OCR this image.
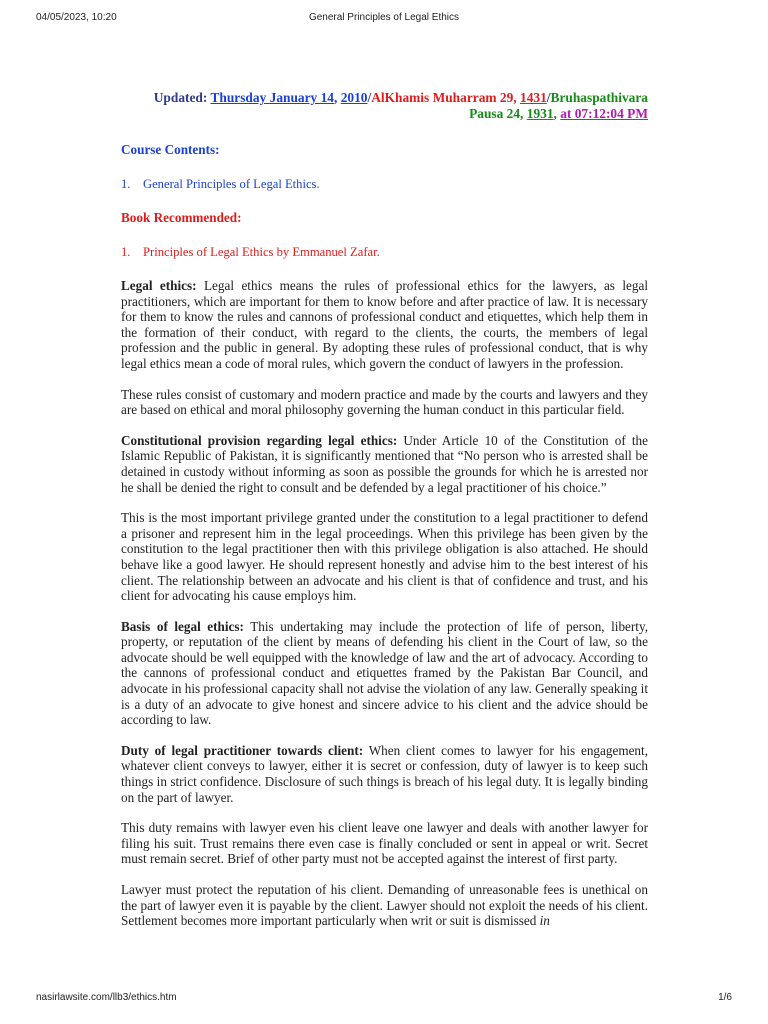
04/05/2023, 10:20	General Principles of Legal Ethics
Updated: Thursday January 14, 2010/AlKhamis Muharram 29, 1431/Bruhaspathivara
Pausa 24, 1931, at 07:12:04 PM
Course Contents:
1. General Principles of Legal Ethics.
Book Recommended:
1. Principles of Legal Ethics by Emmanuel Zafar.

Legal ethics: Legal ethics means the rules of professional ethics for the lawyers, as legal practitioners, which are important for them to know before and after practice of law. It is necessary for them to know the rules and cannons of professional conduct and etiquettes, which help them in the formation of their conduct, with regard to the clients, the courts, the members of legal profession and the public in general. By adopting these rules of professional conduct, that is why legal ethics mean a code of moral rules, which govern the conduct of lawyers in the profession.

These rules consist of customary and modern practice and made by the courts and lawyers and they are based on ethical and moral philosophy governing the human conduct in this particular field.

Constitutional provision regarding legal ethics: Under Article 10 of the Constitution of the Islamic Republic of Pakistan, it is significantly mentioned that “No person who is arrested shall be detained in custody without informing as soon as possible the grounds for which he is arrested nor he shall be denied the right to consult and be defended by a legal practitioner of his choice.”

This is the most important privilege granted under the constitution to a legal practitioner to defend a prisoner and represent him in the legal proceedings. When this privilege has been given by the constitution to the legal practitioner then with this privilege obligation is also attached. He should behave like a good lawyer. He should represent honestly and advise him to the best interest of his client. The relationship between an advocate and his client is that of confidence and trust, and his client for advocating his cause employs him.

Basis of legal ethics: This undertaking may include the protection of life of person, liberty, property, or reputation of the client by means of defending his client in the Court of law, so the advocate should be well equipped with the knowledge of law and the art of advocacy. According to the cannons of professional conduct and etiquettes framed by the Pakistan Bar Council, and advocate in his professional capacity shall not advise the violation of any law. Generally speaking it is a duty of an advocate to give honest and sincere advice to his client and the advice should be according to law.

Duty of legal practitioner towards client: When client comes to lawyer for his engagement, whatever client conveys to lawyer, either it is secret or confession, duty of lawyer is to keep such things in strict confidence. Disclosure of such things is breach of his legal duty. It is legally binding on the part of lawyer.

This duty remains with lawyer even his client leave one lawyer and deals with another lawyer for filing his suit. Trust remains there even case is finally concluded or sent in appeal or writ. Secret must remain secret. Brief of other party must not be accepted against the interest of first party.

Lawyer must protect the reputation of his client. Demanding of unreasonable fees is unethical on the part of lawyer even it is payable by the client. Lawyer should not exploit the needs of his client. Settlement becomes more important particularly when writ or suit is dismissed in

nasirlawsite.com/llb3/ethics.htm	1/6
